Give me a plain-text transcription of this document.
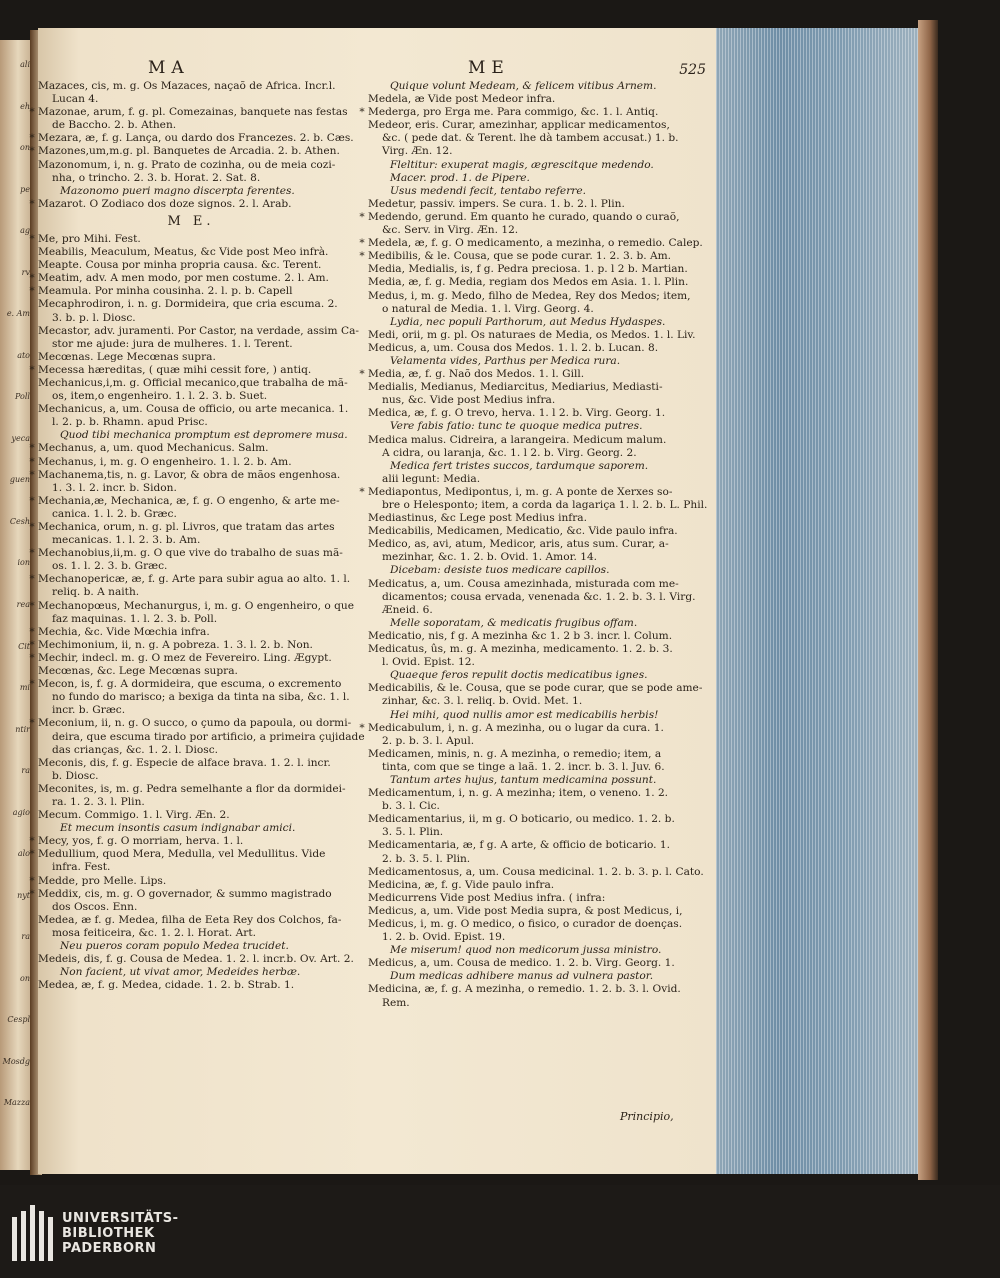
ali
eh
on
pe
ag
rv
e. Am
ato
Poll
yeca
guen
Cesh
ion
rea
Cit
mi
ntir
ra
agio
alo
nyt
ra
on
Cespl
Mosdg
Mazza
MA	ME	525
Mazaces, cis, m. g. Os Mazaces, naçaõ de Africa. Incr.l.
Lucan 4.
* Mazonae, arum, f. g. pl. Comezainas, banquete nas festas
de Baccho. 2. b. Athen.
* Mezara, æ, f. g. Lança, ou dardo dos Francezes. 2. b. Cæs.
* Mazones,um,m.g. pl. Banquetes de Arcadia. 2. b. Athen.
Mazonomum, i, n. g. Prato de cozinha, ou de meia cozi-
nha, o trincho. 2. 3. b. Horat. 2. Sat. 8.
Mazonomo pueri magno discerpta ferentes.
* Mazarot. O Zodiaco dos doze signos. 2. l. Arab.
M E.
* Me, pro Mihi. Fest.
Meabilis, Meaculum, Meatus, &c Vide post Meo infrà.
Meapte. Cousa por minha propria causa. &c. Terent.
* Meatim, adv. A men modo, por men costume. 2. l. Am.
* Meamula. Por minha cousinha. 2. l. p. b. Capell
Mecaphrodiron, i. n. g. Dormideira, que cria escuma. 2.
3. b. p. l. Diosc.
Mecastor, adv. juramenti. Por Castor, na verdade, assim Ca-
stor me ajude: jura de mulheres. 1. l. Terent.
Mecœnas. Lege Mecœnas supra.
* Mecessa hæreditas, ( quæ mihi cessit fore, ) antiq.
Mechanicus,i,m. g. Official mecanico,que trabalha de mã-
os, item,o engenheiro. 1. l. 2. 3. b. Suet.
Mechanicus, a, um. Cousa de officio, ou arte mecanica. 1.
l. 2. p. b. Rhamn. apud Prisc.
Quod tibi mechanica promptum est depromere musa.
* Mechanus, a, um. quod Mechanicus. Salm.
* Mechanus, i, m. g. O engenheiro. 1. l. 2. b. Am.
* Machanema,tis, n. g. Lavor, & obra de mãos engenhosa.
1. 3. l. 2. incr. b. Sidon.
* Mechania,æ, Mechanica, æ, f. g. O engenho, & arte me-
canica. 1. l. 2. b. Græc.
* Mechanica, orum, n. g. pl. Livros, que tratam das artes
mecanicas. 1. l. 2. 3. b. Am.
* Mechanobius,ii,m. g. O que vive do trabalho de suas mã-
os. 1. l. 2. 3. b. Græc.
* Mechanopericæ, æ, f. g. Arte para subir agua ao alto. 1. l.
reliq. b. A naith.
* Mechanopœus, Mechanurgus, i, m. g. O engenheiro, o que
faz maquinas. 1. l. 2. 3. b. Poll.
* Mechia, &c. Vide Mœchia infra.
* Mechimonium, ii, n. g. A pobreza. 1. 3. l. 2. b. Non.
* Mechir, indecl. m. g. O mez de Fevereiro. Ling. Ægypt.
Mecœnas, &c. Lege Mecœnas supra.
* Mecon, is, f. g. A dormideira, que escuma, o excremento
no fundo do marisco; a bexiga da tinta na siba, &c. 1. l.
incr. b. Græc.
* Meconium, ii, n. g. O succo, o çumo da papoula, ou dormi-
deira, que escuma tirado por artificio, a primeira çujidade
das crianças, &c. 1. 2. l. Diosc.
Meconis, dis, f. g. Especie de alface brava. 1. 2. l. incr.
b. Diosc.
Meconites, is, m. g. Pedra semelhante a flor da dormidei-
ra. 1. 2. 3. l. Plin.
Mecum. Commigo. 1. l. Virg. Æn. 2.
Et mecum insontis casum indignabar amici.
* Mecy, yos, f. g. O morriam, herva. 1. l.
* Medullium, quod Mera, Medulla, vel Medullitus. Vide
infra. Fest.
* Medde, pro Melle. Lips.
* Meddix, cis, m. g. O governador, & summo magistrado
dos Oscos. Enn.
Medea, æ f. g. Medea, filha de Eeta Rey dos Colchos, fa-
mosa feiticeira, &c. 1. 2. l. Horat. Art.
Neu pueros coram populo Medea trucidet.
Medeis, dis, f. g. Cousa de Medea. 1. 2. l. incr.b. Ov. Art. 2.
Non facient, ut vivat amor, Medeides herbæ.
Medea, æ, f. g. Medea, cidade. 1. 2. b. Strab. 1.
Quique volunt Medeam, & felicem vitibus Arnem.
Medela, æ Vide post Medeor infra.
* Mederga, pro Erga me. Para commigo, &c. 1. l. Antiq.
Medeor, eris. Curar, amezinhar, applicar medicamentos,
&c. ( pede dat. & Terent. lhe dà tambem accusat.) 1. b.
Virg. Æn. 12.
Fleltitur: exuperat magis, ægrescitque medendo.
Macer. prod. 1. de Pipere.
Usus medendi fecit, tentabo referre.
Medetur, passiv. impers. Se cura. 1. b. 2. l. Plin.
* Medendo, gerund. Em quanto he curado, quando o curaõ,
&c. Serv. in Virg. Æn. 12.
* Medela, æ, f. g. O medicamento, a mezinha, o remedio. Calep.
* Medibilis, & le. Cousa, que se pode curar. 1. 2. 3. b. Am.
Media, Medialis, is, f g. Pedra preciosa. 1. p. l 2 b. Martian.
Media, æ, f. g. Media, regiam dos Medos em Asia. 1. l. Plin.
Medus, i, m. g. Medo, filho de Medea, Rey dos Medos; item,
o natural de Media. 1. l. Virg. Georg. 4.
Lydia, nec populi Parthorum, aut Medus Hydaspes.
Medi, orii, m g. pl. Os naturaes de Media, os Medos. 1. l. Liv.
Medicus, a, um. Cousa dos Medos. 1. l. 2. b. Lucan. 8.
Velamenta vides, Parthus per Medica rura.
* Media, æ, f. g. Naõ dos Medos. 1. l. Gill.
Medialis, Medianus, Mediarcitus, Mediarius, Mediasti-
nus, &c. Vide post Medius infra.
Medica, æ, f. g. O trevo, herva. 1. l 2. b. Virg. Georg. 1.
Vere fabis fatio: tunc te quoque medica putres.
Medica malus. Cidreira, a larangeira. Medicum malum.
A cidra, ou laranja, &c. 1. l 2. b. Virg. Georg. 2.
Medica fert tristes succos, tardumque saporem.
alii legunt: Media.
* Mediapontus, Medipontus, i, m. g. A ponte de Xerxes so-
bre o Helesponto; item, a corda da lagariça 1. l. 2. b. L. Phil.
Mediastinus, &c Lege post Medius infra.
Medicabilis, Medicamen, Medicatio, &c. Vide paulo infra.
Medico, as, avi, atum, Medicor, aris, atus sum. Curar, a-
mezinhar, &c. 1. 2. b. Ovid. 1. Amor. 14.
Dicebam: desiste tuos medicare capillos.
Medicatus, a, um. Cousa amezinhada, misturada com me-
dicamentos; cousa ervada, venenada &c. 1. 2. b. 3. l. Virg.
Æneid. 6.
Melle soporatam, & medicatis frugibus offam.
Medicatio, nis, f g. A mezinha &c 1. 2 b 3. incr. l. Colum.
Medicatus, ûs, m. g. A mezinha, medicamento. 1. 2. b. 3.
l. Ovid. Epist. 12.
Quaeque feros repulit doctis medicatibus ignes.
Medicabilis, & le. Cousa, que se pode curar, que se pode ame-
zinhar, &c. 3. l. reliq. b. Ovid. Met. 1.
Hei mihi, quod nullis amor est medicabilis herbis!
* Medicabulum, i, n. g. A mezinha, ou o lugar da cura. 1.
2. p. b. 3. l. Apul.
Medicamen, minis, n. g. A mezinha, o remedio; item, a
tinta, com que se tinge a laã. 1. 2. incr. b. 3. l. Juv. 6.
Tantum artes hujus, tantum medicamina possunt.
Medicamentum, i, n. g. A mezinha; item, o veneno. 1. 2.
b. 3. l. Cic.
Medicamentarius, ii, m g. O boticario, ou medico. 1. 2. b.
3. 5. l. Plin.
Medicamentaria, æ, f g. A arte, & officio de boticario. 1.
2. b. 3. 5. l. Plin.
Medicamentosus, a, um. Cousa medicinal. 1. 2. b. 3. p. l. Cato.
Medicina, æ, f. g. Vide paulo infra.
Medicurrens Vide post Medius infra. ( infra:
Medicus, a, um. Vide post Media supra, & post Medicus, i,
Medicus, i, m. g. O medico, o fisico, o curador de doenças.
1. 2. b. Ovid. Epist. 19.
Me miserum! quod non medicorum jussa ministro.
Medicus, a, um. Cousa de medico. 1. 2. b. Virg. Georg. 1.
Dum medicas adhibere manus ad vulnera pastor.
Medicina, æ, f. g. A mezinha, o remedio. 1. 2. b. 3. l. Ovid.
Rem.
Principio,
UNIVERSITÄTS-
BIBLIOTHEK
PADERBORN
